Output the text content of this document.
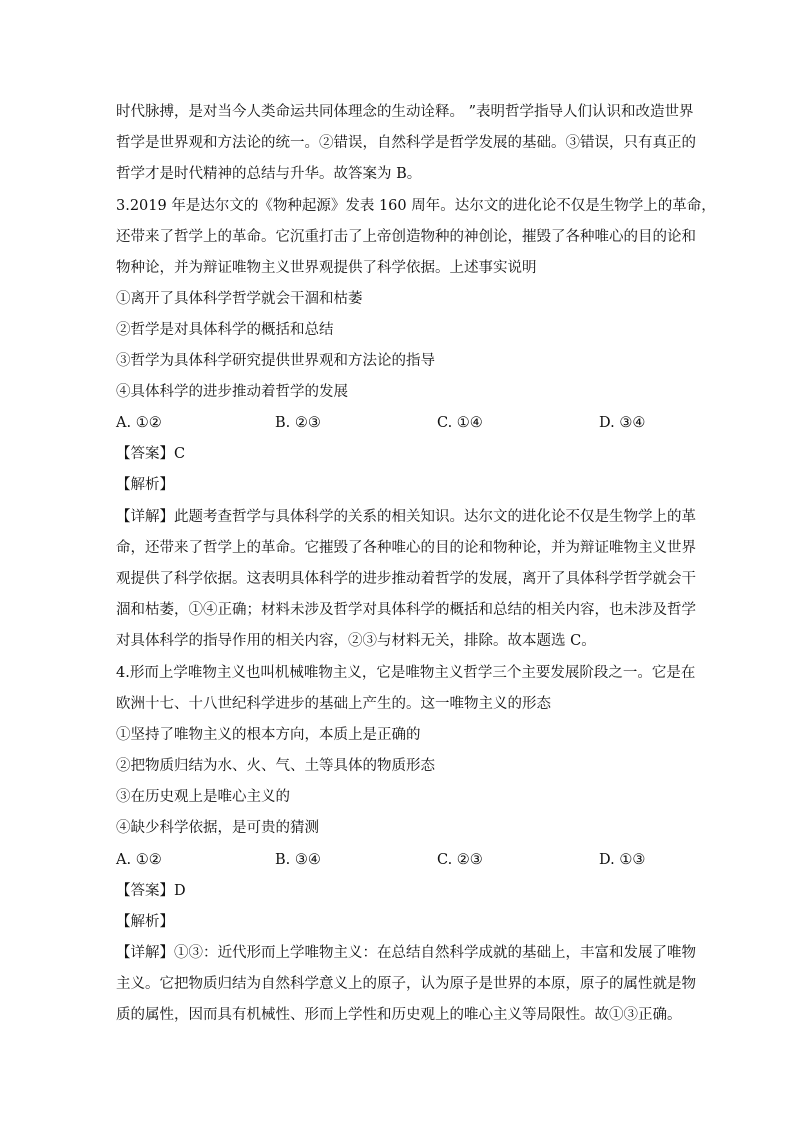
时代脉搏，是对当今人类命运共同体理念的生动诠释。 ”表明哲学指导人们认识和改造世界
哲学是世界观和方法论的统一。②错误，自然科学是哲学发展的基础。③错误，只有真正的
哲学才是时代精神的总结与升华。故答案为 B。
3.2019 年是达尔文的《物种起源》发表 160 周年。达尔文的进化论不仅是生物学上的革命，
还带来了哲学上的革命。它沉重打击了上帝创造物种的神创论，摧毁了各种唯心的目的论和
物种论，并为辩证唯物主义世界观提供了科学依据。上述事实说明
①离开了具体科学哲学就会干涸和枯萎
②哲学是对具体科学的概括和总结
③哲学为具体科学研究提供世界观和方法论的指导
④具体科学的进步推动着哲学的发展
A. ①②	B. ②③	C. ①④	D. ③④
【答案】C
【解析】
【详解】此题考查哲学与具体科学的关系的相关知识。达尔文的进化论不仅是生物学上的革
命，还带来了哲学上的革命。它摧毁了各种唯心的目的论和物种论，并为辩证唯物主义世界
观提供了科学依据。这表明具体科学的进步推动着哲学的发展，离开了具体科学哲学就会干
涸和枯萎，①④正确；材料未涉及哲学对具体科学的概括和总结的相关内容，也未涉及哲学
对具体科学的指导作用的相关内容，②③与材料无关，排除。故本题选 C。
4.形而上学唯物主义也叫机械唯物主义，它是唯物主义哲学三个主要发展阶段之一。它是在
欧洲十七、十八世纪科学进步的基础上产生的。这一唯物主义的形态
①坚持了唯物主义的根本方向，本质上是正确的
②把物质归结为水、火、气、土等具体的物质形态
③在历史观上是唯心主义的
④缺少科学依据，是可贵的猜测
A. ①②	B. ③④	C. ②③	D. ①③
【答案】D
【解析】
【详解】①③：近代形而上学唯物主义：在总结自然科学成就的基础上，丰富和发展了唯物
主义。它把物质归结为自然科学意义上的原子，认为原子是世界的本原，原子的属性就是物
质的属性，因而具有机械性、形而上学性和历史观上的唯心主义等局限性。故①③正确。
